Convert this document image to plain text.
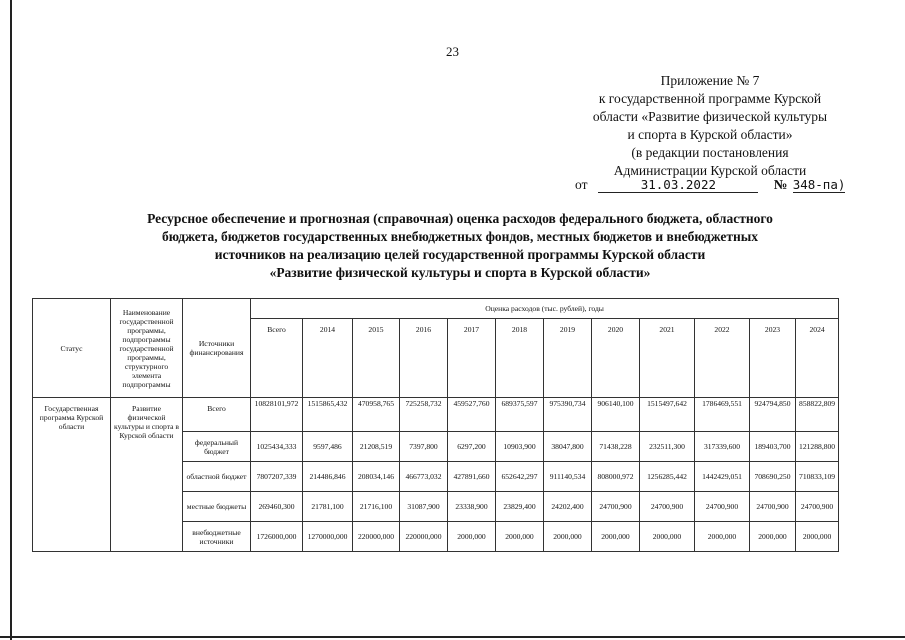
23
Приложение № 7
к государственной программе Курской
области «Развитие физической культуры
и спорта в Курской области»
(в редакции постановления
Администрации Курской области
от	31.03.2022	№ 348-па)
Ресурсное обеспечение и прогнозная (справочная) оценка расходов федерального бюджета, областного
бюджета, бюджетов государственных внебюджетных фондов, местных бюджетов и внебюджетных
источников на реализацию целей государственной программы Курской области
«Развитие физической культуры и спорта в Курской области»
Статус	Наименование государственной программы, подпрограммы государственной программы, структурного элемента подпрограммы	Источники финансирования	Оценка расходов (тыс. рублей), годы											
			Всего	2014	2015	2016	2017	2018	2019	2020	2021	2022	2023	2024
Государственная программа Курской области	Развитие физической культуры и спорта в Курской области	Всего	10828101,972	1515865,432	470958,765	725258,732	459527,760	689375,597	975390,734	906140,100	1515497,642	1786469,551	924794,850	858822,809
		федеральный бюджет	1025434,333	9597,486	21208,519	7397,800	6297,200	10903,900	38047,800	71438,228	232511,300	317339,600	189403,700	121288,800
		областной бюджет	7807207,339	214486,846	208034,146	466773,032	427891,660	652642,297	911140,534	808000,972	1256285,442	1442429,051	708690,250	710833,109
		местные бюджеты	269460,300	21781,100	21716,100	31087,900	23338,900	23829,400	24202,400	24700,900	24700,900	24700,900	24700,900	24700,900
		внебюджетные источники	1726000,000	1270000,000	220000,000	220000,000	2000,000	2000,000	2000,000	2000,000	2000,000	2000,000	2000,000	2000,000
